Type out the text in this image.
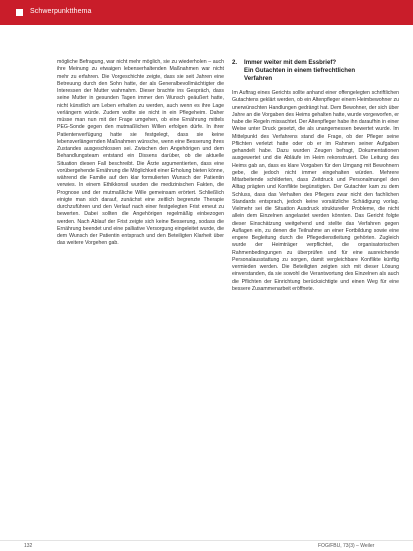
Schwerpunktthema

mögliche Befragung, war nicht mehr möglich, sie zu wiederholen – auch ihre Meinung zu etwaigen lebenserhaltenden Maßnahmen war nicht mehr zu erfahren. Die Vorgeschichte zeigte, dass sie seit Jahren eine Betreuung durch den Sohn hatte, der als Generalbevollmächtigter die Interessen der Mutter wahrnahm. Dieser brachte ins Gespräch, dass seine Mutter in gesunden Tagen immer den Wunsch geäußert hatte, nicht künstlich am Leben erhalten zu werden, auch wenn es ihre Lage verlängern würde. Zudem wollte sie nicht in ein Pflegeheim. Daher müsse man nun mit der Frage umgehen, ob eine Ernährung mittels PEG-Sonde gegen den mutmaßlichen Willen erfolgen dürfe. In ihrer Patientenverfügung hatte sie festgelegt, dass sie keine lebensverlängernden Maßnahmen wünsche, wenn eine Besserung ihres Zustandes ausgeschlossen sei. Zwischen den Angehörigen und dem Behandlungsteam entstand ein Dissens darüber, ob die aktuelle Situation diesen Fall beschreibt. Die Ärzte argumentierten, dass eine vorübergehende Ernährung die Möglichkeit einer Erholung bieten könne, während die Familie auf den klar formulierten Wunsch der Patientin verwies. In einem Ethikkonsil wurden die medizinischen Fakten, die Prognose und der mutmaßliche Wille gemeinsam erörtert. Schließlich einigte man sich darauf, zunächst eine zeitlich begrenzte Therapie durchzuführen und den Verlauf nach einer festgelegten Frist erneut zu bewerten. Dabei sollten die Angehörigen regelmäßig einbezogen werden. Nach Ablauf der Frist zeigte sich keine Besserung, sodass die Ernährung beendet und eine palliative Versorgung eingeleitet wurde, die dem Wunsch der Patientin entsprach und den Beteiligten Klarheit über das weitere Vorgehen gab.

2.	Immer weiter mit dem Essbrief?
Ein Gutachten in einem tiefrechtlichen
Verfahren

Im Auftrag eines Gerichts sollte anhand einer offengelegten schriftlichen Gutachtens geklärt werden, ob ein Altenpfleger einem Heimbewohner zu unerwünschten Handlungen gedrängt hat. Dem Bewohner, der sich über Jahre an die Vorgaben des Heims gehalten hatte, wurde vorgeworfen, er habe die Regeln missachtet. Der Altenpfleger habe ihn daraufhin in einer Weise unter Druck gesetzt, die als unangemessen bewertet wurde. Im Mittelpunkt des Verfahrens stand die Frage, ob der Pfleger seine Pflichten verletzt hatte oder ob er im Rahmen seiner Aufgaben gehandelt habe. Dazu wurden Zeugen befragt, Dokumentationen ausgewertet und die Abläufe im Heim rekonstruiert. Die Leitung des Heims gab an, dass es klare Vorgaben für den Umgang mit Bewohnern gebe, die jedoch nicht immer eingehalten würden. Mehrere Mitarbeitende schilderten, dass Zeitdruck und Personalmangel den Alltag prägten und Konflikte begünstigten. Der Gutachter kam zu dem Schluss, dass das Verhalten des Pflegers zwar nicht den fachlichen Standards entsprach, jedoch keine vorsätzliche Schädigung vorlag. Vielmehr sei die Situation Ausdruck struktureller Probleme, die nicht allein dem Einzelnen angelastet werden könnten. Das Gericht folgte dieser Einschätzung weitgehend und stellte das Verfahren gegen Auflagen ein, zu denen die Teilnahme an einer Fortbildung sowie eine engere Begleitung durch die Pflegedienstleitung gehörten. Zugleich wurde der Heimträger verpflichtet, die organisatorischen Rahmenbedingungen zu überprüfen und für eine ausreichende Personalausstattung zu sorgen, damit vergleichbare Konflikte künftig vermieden werden. Die Beteiligten zeigten sich mit dieser Lösung einverstanden, da sie sowohl die Verantwortung des Einzelnen als auch die Pflichten der Einrichtung berücksichtigte und einen Weg für eine bessere Zusammenarbeit eröffnete.

132	FOG/FBU, 73(3) – Weiler
